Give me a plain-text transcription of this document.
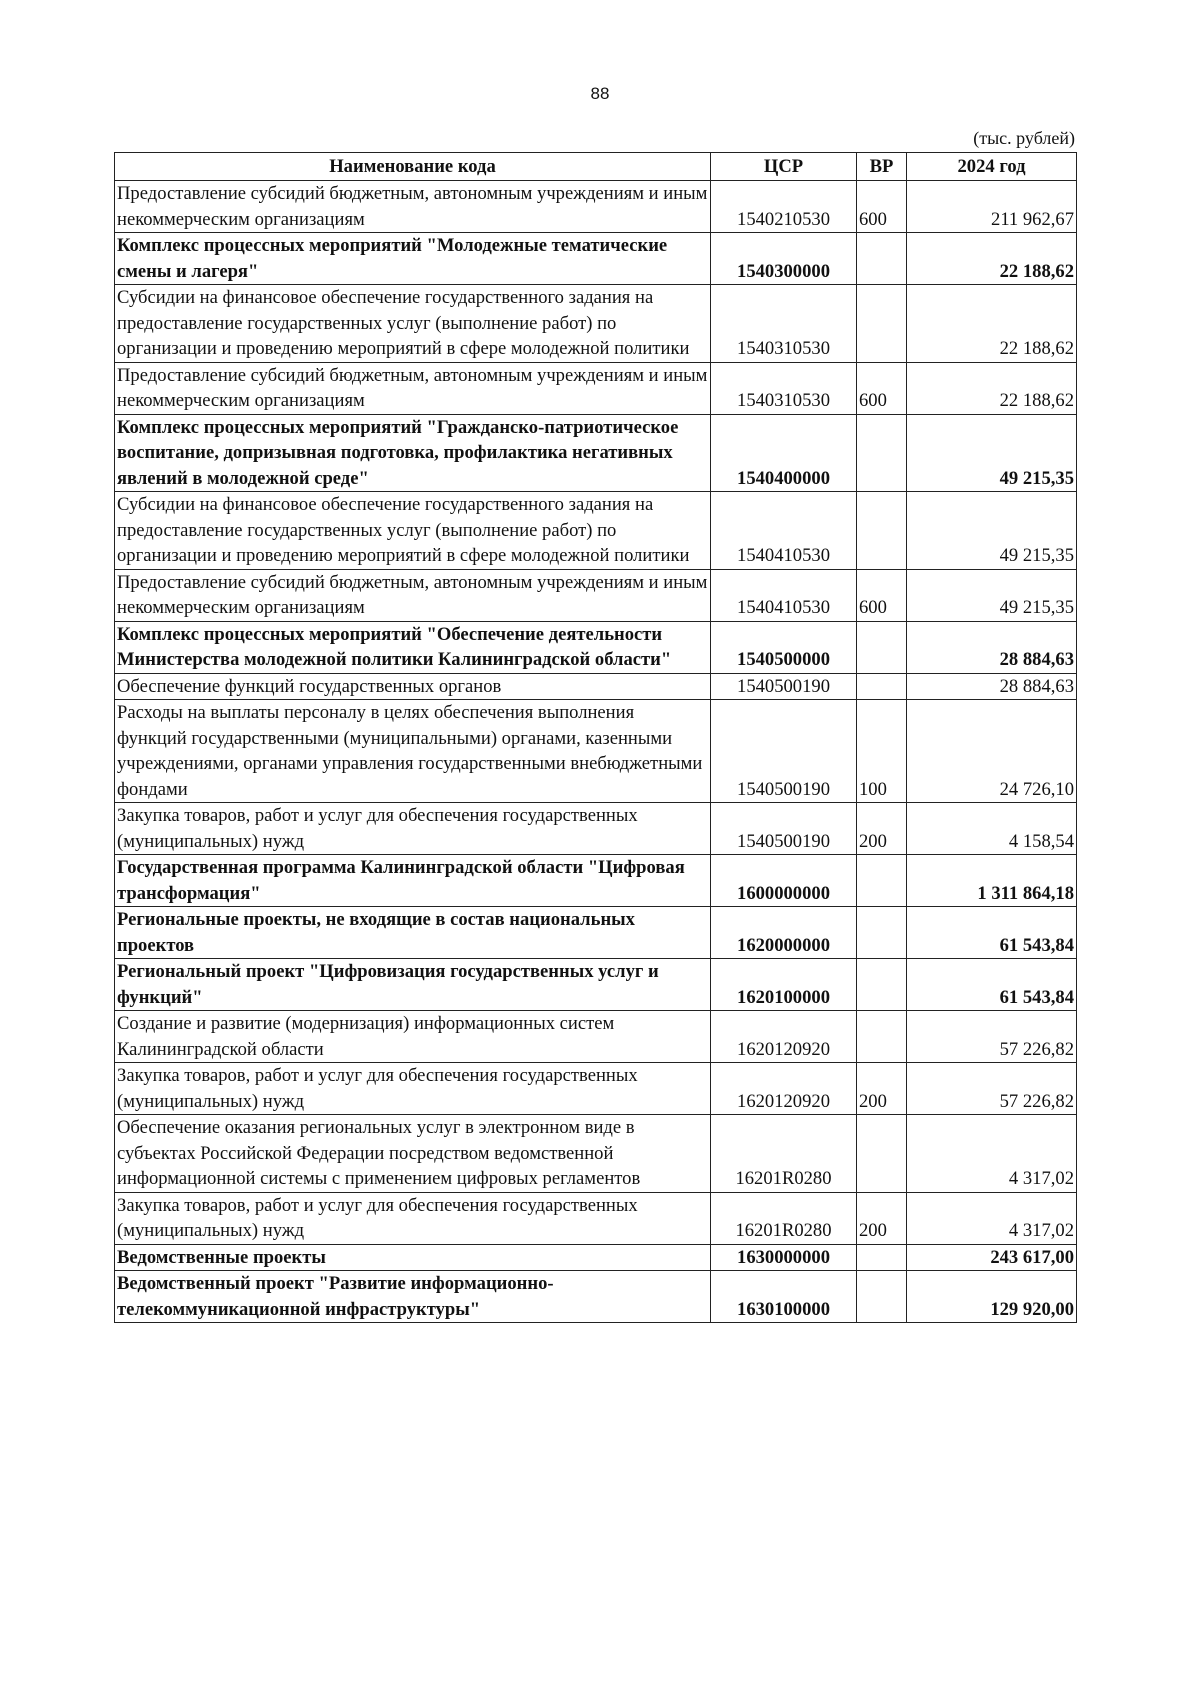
88
(тыс. рублей)
Наименование кода	ЦСР	ВР	2024 год
Предоставление субсидий бюджетным, автономным учреждениям и иным некоммерческим организациям	1540210530	600	211 962,67
Комплекс процессных мероприятий "Молодежные тематические смены и лагеря"	1540300000		22 188,62
Субсидии на финансовое обеспечение государственного задания на предоставление государственных услуг (выполнение работ) по организации и проведению мероприятий в сфере молодежной политики	1540310530		22 188,62
Предоставление субсидий бюджетным, автономным учреждениям и иным некоммерческим организациям	1540310530	600	22 188,62
Комплекс процессных мероприятий "Гражданско-патриотическое воспитание, допризывная подготовка, профилактика негативных явлений в молодежной среде"	1540400000		49 215,35
Субсидии на финансовое обеспечение государственного задания на предоставление государственных услуг (выполнение работ) по организации и проведению мероприятий в сфере молодежной политики	1540410530		49 215,35
Предоставление субсидий бюджетным, автономным учреждениям и иным некоммерческим организациям	1540410530	600	49 215,35
Комплекс процессных мероприятий "Обеспечение деятельности Министерства молодежной политики Калининградской области"	1540500000		28 884,63
Обеспечение функций государственных органов	1540500190		28 884,63
Расходы на выплаты персоналу в целях обеспечения выполнения функций государственными (муниципальными) органами, казенными учреждениями, органами управления государственными внебюджетными фондами	1540500190	100	24 726,10
Закупка товаров, работ и услуг для обеспечения государственных (муниципальных) нужд	1540500190	200	4 158,54
Государственная программа Калининградской области "Цифровая трансформация"	1600000000		1 311 864,18
Региональные проекты, не входящие в состав национальных проектов	1620000000		61 543,84
Региональный проект "Цифровизация государственных услуг и функций"	1620100000		61 543,84
Создание и развитие (модернизация) информационных систем Калининградской области	1620120920		57 226,82
Закупка товаров, работ и услуг для обеспечения государственных (муниципальных) нужд	1620120920	200	57 226,82
Обеспечение оказания региональных услуг в электронном виде в субъектах Российской Федерации посредством ведомственной информационной системы с применением цифровых регламентов	16201R0280		4 317,02
Закупка товаров, работ и услуг для обеспечения государственных (муниципальных) нужд	16201R0280	200	4 317,02
Ведомственные проекты	1630000000		243 617,00
Ведомственный проект "Развитие информационно-телекоммуникационной инфраструктуры"	1630100000		129 920,00
